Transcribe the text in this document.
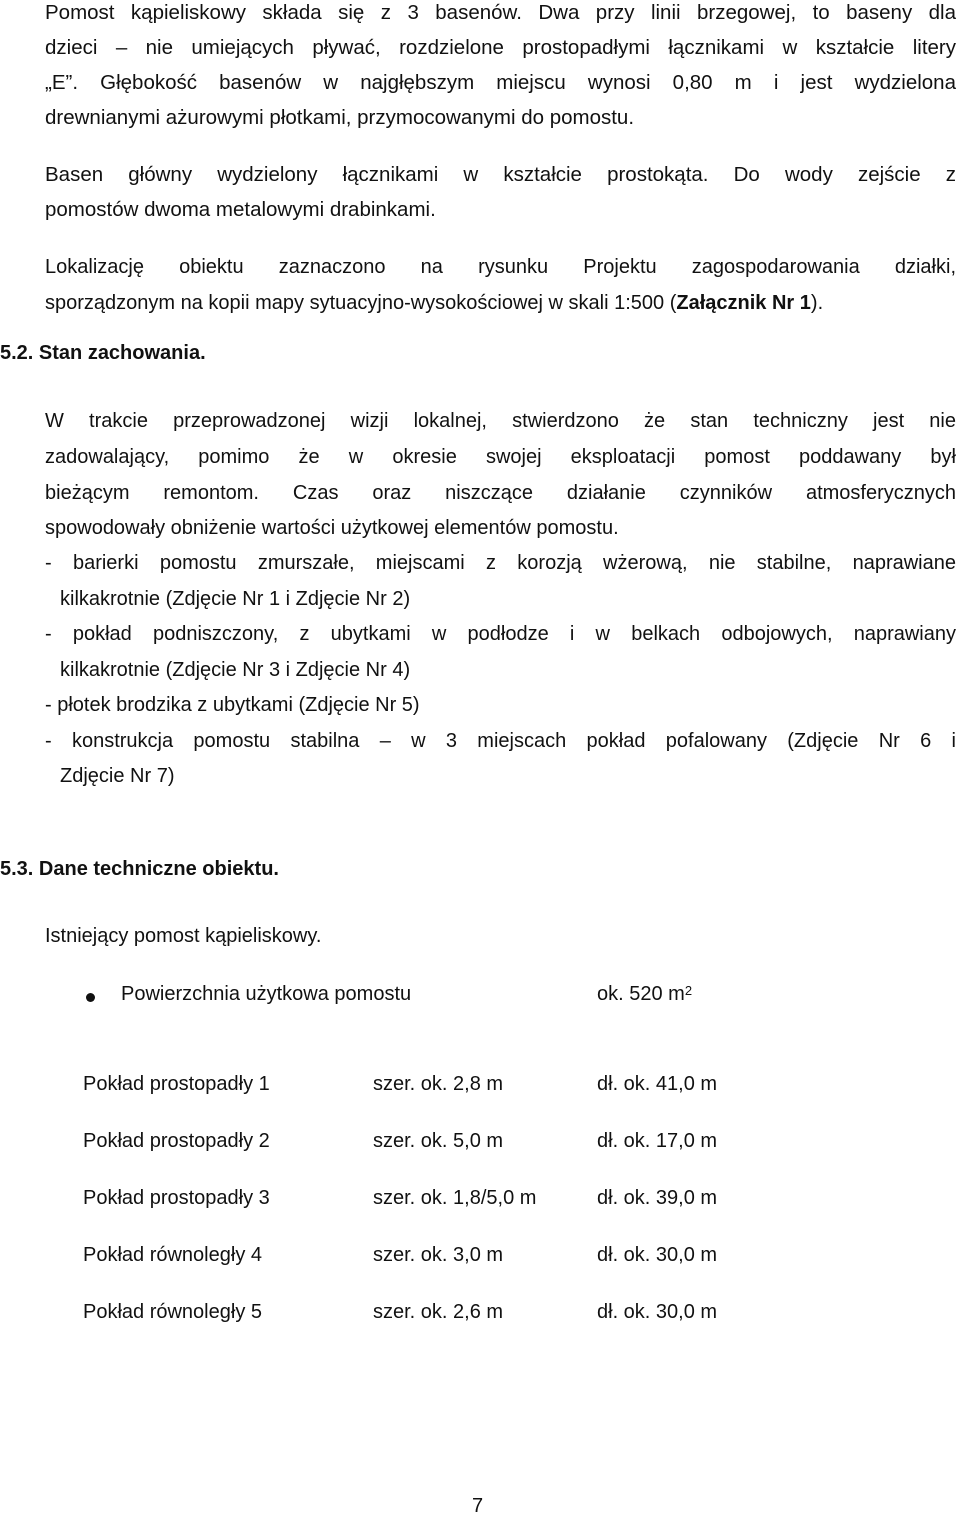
Pomost kąpieliskowy składa się z 3 basenów. Dwa przy linii brzegowej, to baseny dla
dzieci – nie umiejących pływać, rozdzielone prostopadłymi łącznikami w kształcie litery
„E”. Głębokość basenów w najgłębszym miejscu wynosi 0,80 m i jest wydzielona
drewnianymi ażurowymi płotkami, przymocowanymi do pomostu.
Basen główny wydzielony łącznikami w kształcie prostokąta. Do wody zejście z
pomostów dwoma metalowymi drabinkami.
Lokalizację obiektu zaznaczono na rysunku Projektu zagospodarowania działki,
sporządzonym na kopii mapy sytuacyjno-wysokościowej w skali 1:500 (Załącznik Nr 1).
5.2. Stan zachowania.
W trakcie przeprowadzonej wizji lokalnej, stwierdzono że stan techniczny jest nie
zadowalający, pomimo że w okresie swojej eksploatacji pomost poddawany był
bieżącym remontom. Czas oraz niszczące działanie czynników atmosferycznych
spowodowały obniżenie wartości użytkowej elementów pomostu.
- barierki pomostu zmurszałe, miejscami z korozją wżerową, nie stabilne, naprawiane
kilkakrotnie (Zdjęcie Nr 1 i Zdjęcie Nr 2)
- pokład podniszczony, z ubytkami w podłodze i w belkach odbojowych, naprawiany
kilkakrotnie (Zdjęcie Nr 3 i Zdjęcie Nr 4)
- płotek brodzika z ubytkami (Zdjęcie Nr 5)
- konstrukcja pomostu stabilna – w 3 miejscach pokład pofalowany (Zdjęcie Nr 6 i
Zdjęcie Nr 7)
5.3. Dane techniczne obiektu.
Istniejący pomost kąpieliskowy.
Powierzchnia użytkowa pomostu	ok. 520 $m^2$
Pokład prostopadły 1	szer. ok. 2,8 m	dł. ok. 41,0 m
Pokład prostopadły 2	szer. ok. 5,0 m	dł. ok. 17,0 m
Pokład prostopadły 3	szer. ok. 1,8/5,0 m	dł. ok. 39,0 m
Pokład równoległy 4	szer. ok. 3,0 m	dł. ok. 30,0 m
Pokład równoległy 5	szer. ok. 2,6 m	dł. ok. 30,0 m
7
